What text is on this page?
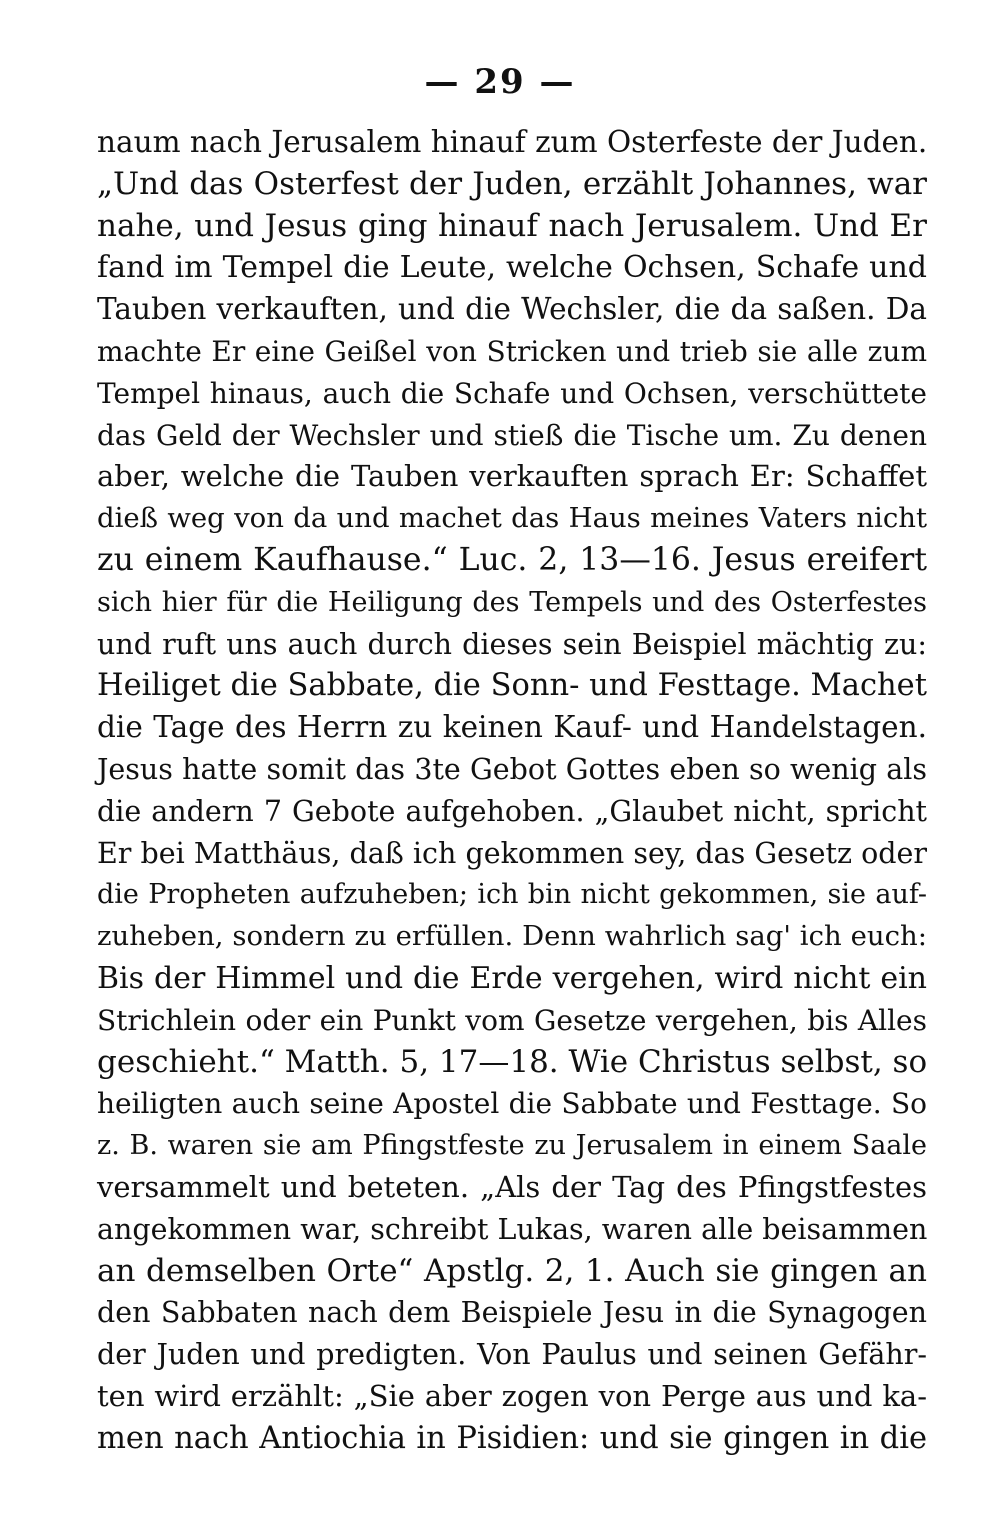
— 29 —
naum nach Jerusalem hinauf zum Osterfeste der Juden.
„Und das Osterfest der Juden, erzählt Johannes, war
nahe, und Jesus ging hinauf nach Jerusalem. Und Er
fand im Tempel die Leute, welche Ochsen, Schafe und
Tauben verkauften, und die Wechsler, die da saßen. Da
machte Er eine Geißel von Stricken und trieb sie alle zum
Tempel hinaus, auch die Schafe und Ochsen, verschüttete
das Geld der Wechsler und stieß die Tische um. Zu denen
aber, welche die Tauben verkauften sprach Er: Schaffet
dieß weg von da und machet das Haus meines Vaters nicht
zu einem Kaufhause.“ Luc. 2, 13—16. Jesus ereifert
sich hier für die Heiligung des Tempels und des Osterfestes
und ruft uns auch durch dieses sein Beispiel mächtig zu:
Heiliget die Sabbate, die Sonn- und Festtage. Machet
die Tage des Herrn zu keinen Kauf- und Handelstagen.
Jesus hatte somit das 3te Gebot Gottes eben so wenig als
die andern 7 Gebote aufgehoben. „Glaubet nicht, spricht
Er bei Matthäus, daß ich gekommen sey, das Gesetz oder
die Propheten aufzuheben; ich bin nicht gekommen, sie auf-
zuheben, sondern zu erfüllen. Denn wahrlich sag' ich euch:
Bis der Himmel und die Erde vergehen, wird nicht ein
Strichlein oder ein Punkt vom Gesetze vergehen, bis Alles
geschieht.“ Matth. 5, 17—18. Wie Christus selbst, so
heiligten auch seine Apostel die Sabbate und Festtage. So
z. B. waren sie am Pfingstfeste zu Jerusalem in einem Saale
versammelt und beteten. „Als der Tag des Pfingstfestes
angekommen war, schreibt Lukas, waren alle beisammen
an demselben Orte“ Apstlg. 2, 1. Auch sie gingen an
den Sabbaten nach dem Beispiele Jesu in die Synagogen
der Juden und predigten. Von Paulus und seinen Gefähr-
ten wird erzählt: „Sie aber zogen von Perge aus und ka-
men nach Antiochia in Pisidien: und sie gingen in die
